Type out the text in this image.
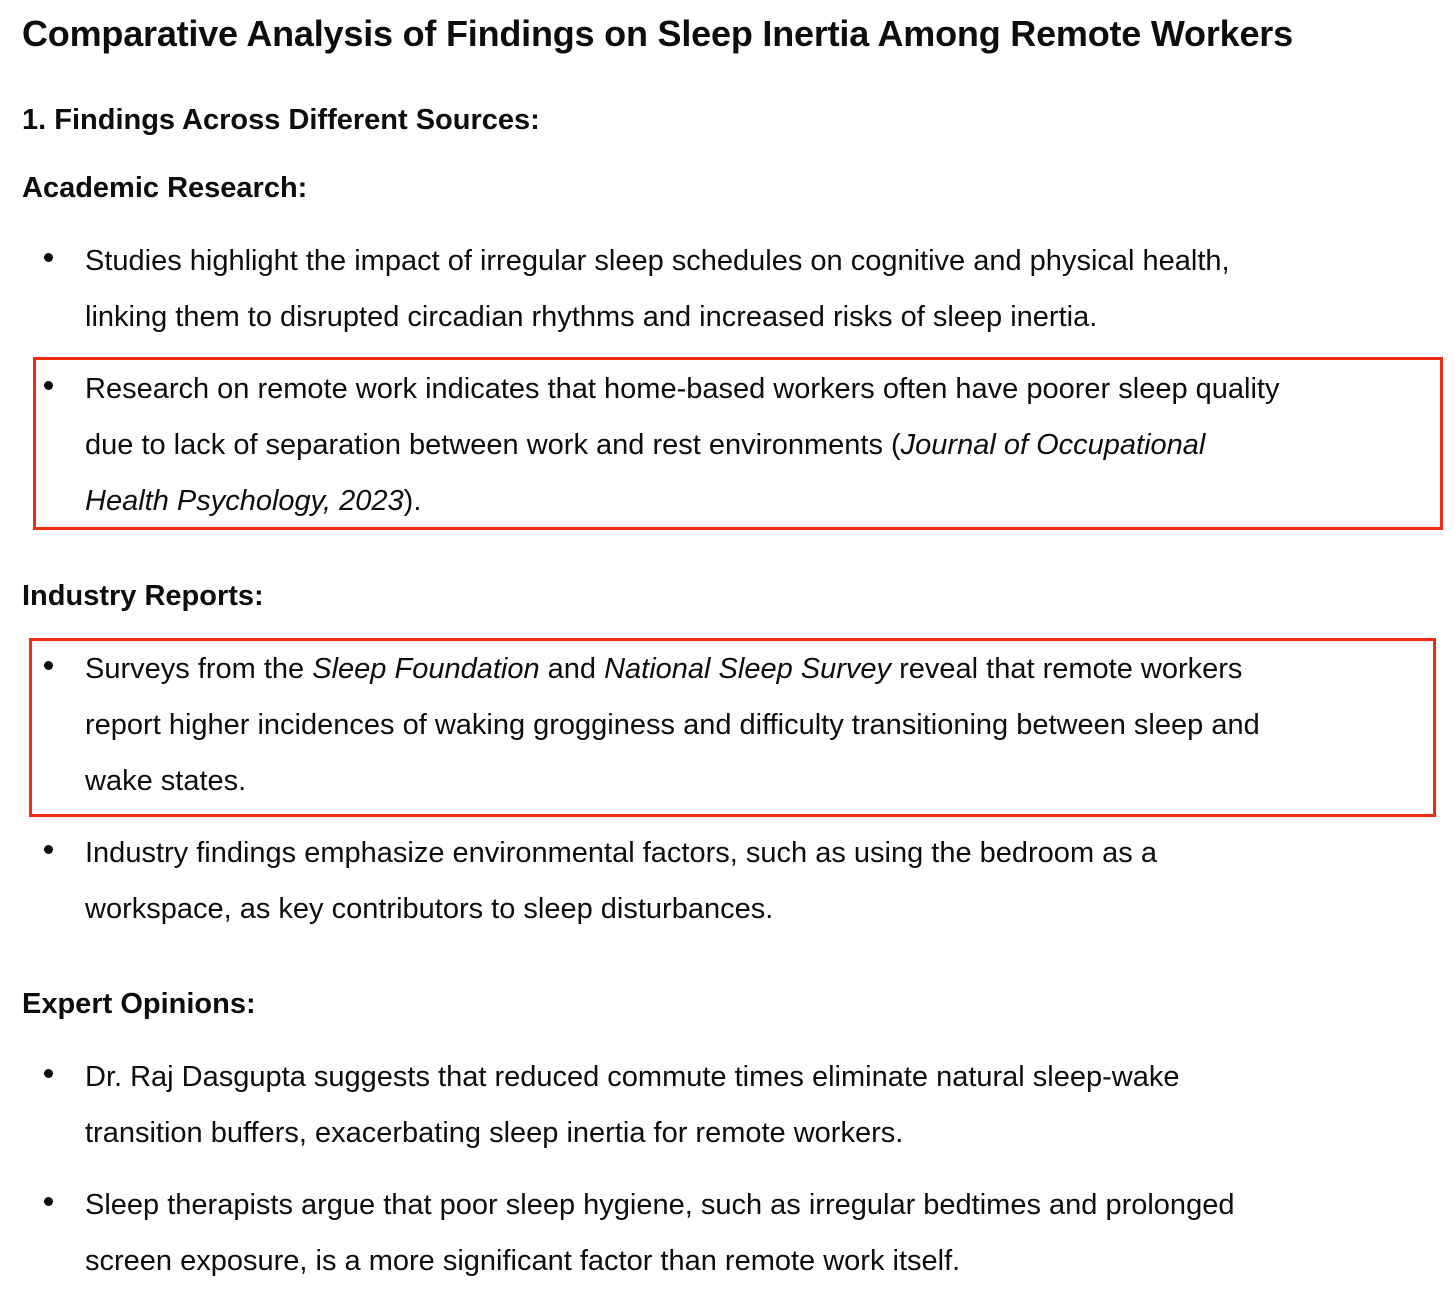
Comparative Analysis of Findings on Sleep Inertia Among Remote Workers
1. Findings Across Different Sources:
Academic Research:
Studies highlight the impact of irregular sleep schedules on cognitive and physical health,
linking them to disrupted circadian rhythms and increased risks of sleep inertia.
Research on remote work indicates that home-based workers often have poorer sleep quality
due to lack of separation between work and rest environments (Journal of Occupational
Health Psychology, 2023).
Industry Reports:
Surveys from the Sleep Foundation and National Sleep Survey reveal that remote workers
report higher incidences of waking grogginess and difficulty transitioning between sleep and
wake states.
Industry findings emphasize environmental factors, such as using the bedroom as a
workspace, as key contributors to sleep disturbances.
Expert Opinions:
Dr. Raj Dasgupta suggests that reduced commute times eliminate natural sleep-wake
transition buffers, exacerbating sleep inertia for remote workers.
Sleep therapists argue that poor sleep hygiene, such as irregular bedtimes and prolonged
screen exposure, is a more significant factor than remote work itself.
